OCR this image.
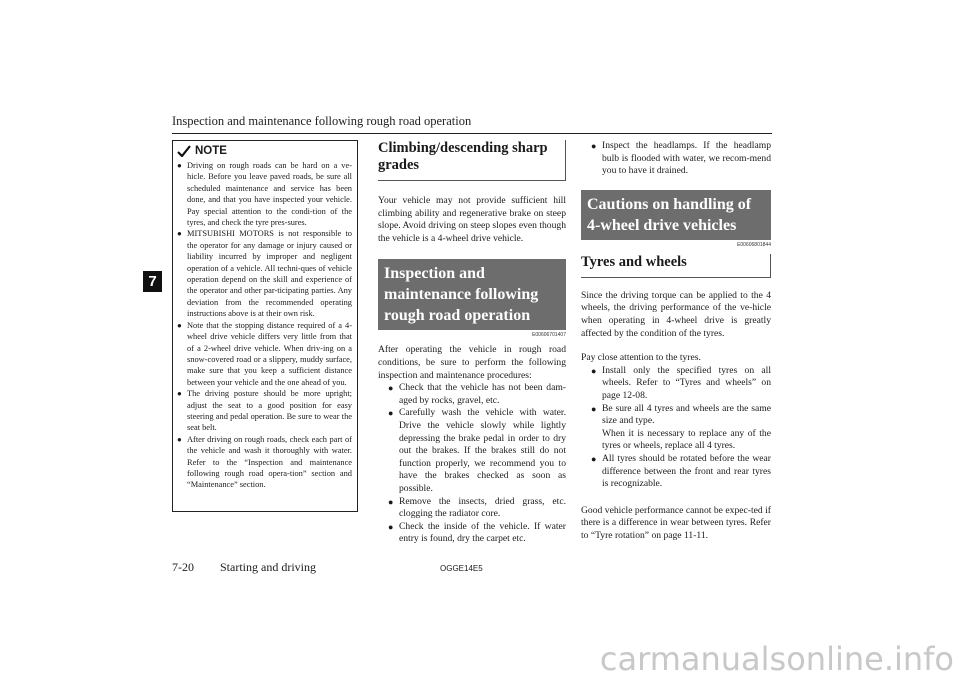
Inspection and maintenance following rough road operation
7
NOTE
● Driving on rough roads can be hard on a ve-hicle. Before you leave paved roads, be sure all scheduled maintenance and service has been done, and that you have inspected your vehicle. Pay special attention to the condi-tion of the tyres, and check the tyre pres-sures.
● MITSUBISHI MOTORS is not responsible to the operator for any damage or injury caused or liability incurred by improper and negligent operation of a vehicle. All techni-ques of vehicle operation depend on the skill and experience of the operator and other par-ticipating parties. Any deviation from the recommended operating instructions above is at their own risk.
● Note that the stopping distance required of a 4-wheel drive vehicle differs very little from that of a 2-wheel drive vehicle. When driv-ing on a snow-covered road or a slippery, muddy surface, make sure that you keep a sufficient distance between your vehicle and the one ahead of you.
● The driving posture should be more upright; adjust the seat to a good position for easy steering and pedal operation. Be sure to wear the seat belt.
● After driving on rough roads, check each part of the vehicle and wash it thoroughly with water. Refer to the “Inspection and maintenance following rough road opera-tion” section and “Maintenance” section.
Climbing/descending sharp grades

Your vehicle may not provide sufficient hill climbing ability and regenerative brake on steep slope. Avoid driving on steep slopes even though the vehicle is a 4-wheel drive vehicle.

Inspection and maintenance following rough road operation
E00606701407

After operating the vehicle in rough road conditions, be sure to perform the following inspection and maintenance procedures:

● Check that the vehicle has not been dam-aged by rocks, gravel, etc.
● Carefully wash the vehicle with water. Drive the vehicle slowly while lightly depressing the brake pedal in order to dry out the brakes. If the brakes still do not function properly, we recommend you to have the brakes checked as soon as possible.
● Remove the insects, dried grass, etc. clogging the radiator core.
● Check the inside of the vehicle. If water entry is found, dry the carpet etc.
● Inspect the headlamps. If the headlamp bulb is flooded with water, we recom-mend you to have it drained.
Cautions on handling of 4-wheel drive vehicles
E00606801844
Tyres and wheels

Since the driving torque can be applied to the 4 wheels, the driving performance of the ve-hicle when operating in 4-wheel drive is greatly affected by the condition of the tyres.

Pay close attention to the tyres.

● Install only the specified tyres on all wheels. Refer to “Tyres and wheels” on page 12-08.
● Be sure all 4 tyres and wheels are the same size and type.
When it is necessary to replace any of the tyres or wheels, replace all 4 tyres.
● All tyres should be rotated before the wear difference between the front and rear tyres is recognizable.

Good vehicle performance cannot be expec-ted if there is a difference in wear between tyres. Refer to “Tyre rotation” on page 11-11.

7-20 Starting and driving	OGGE14E5
carmanualsonline.info
